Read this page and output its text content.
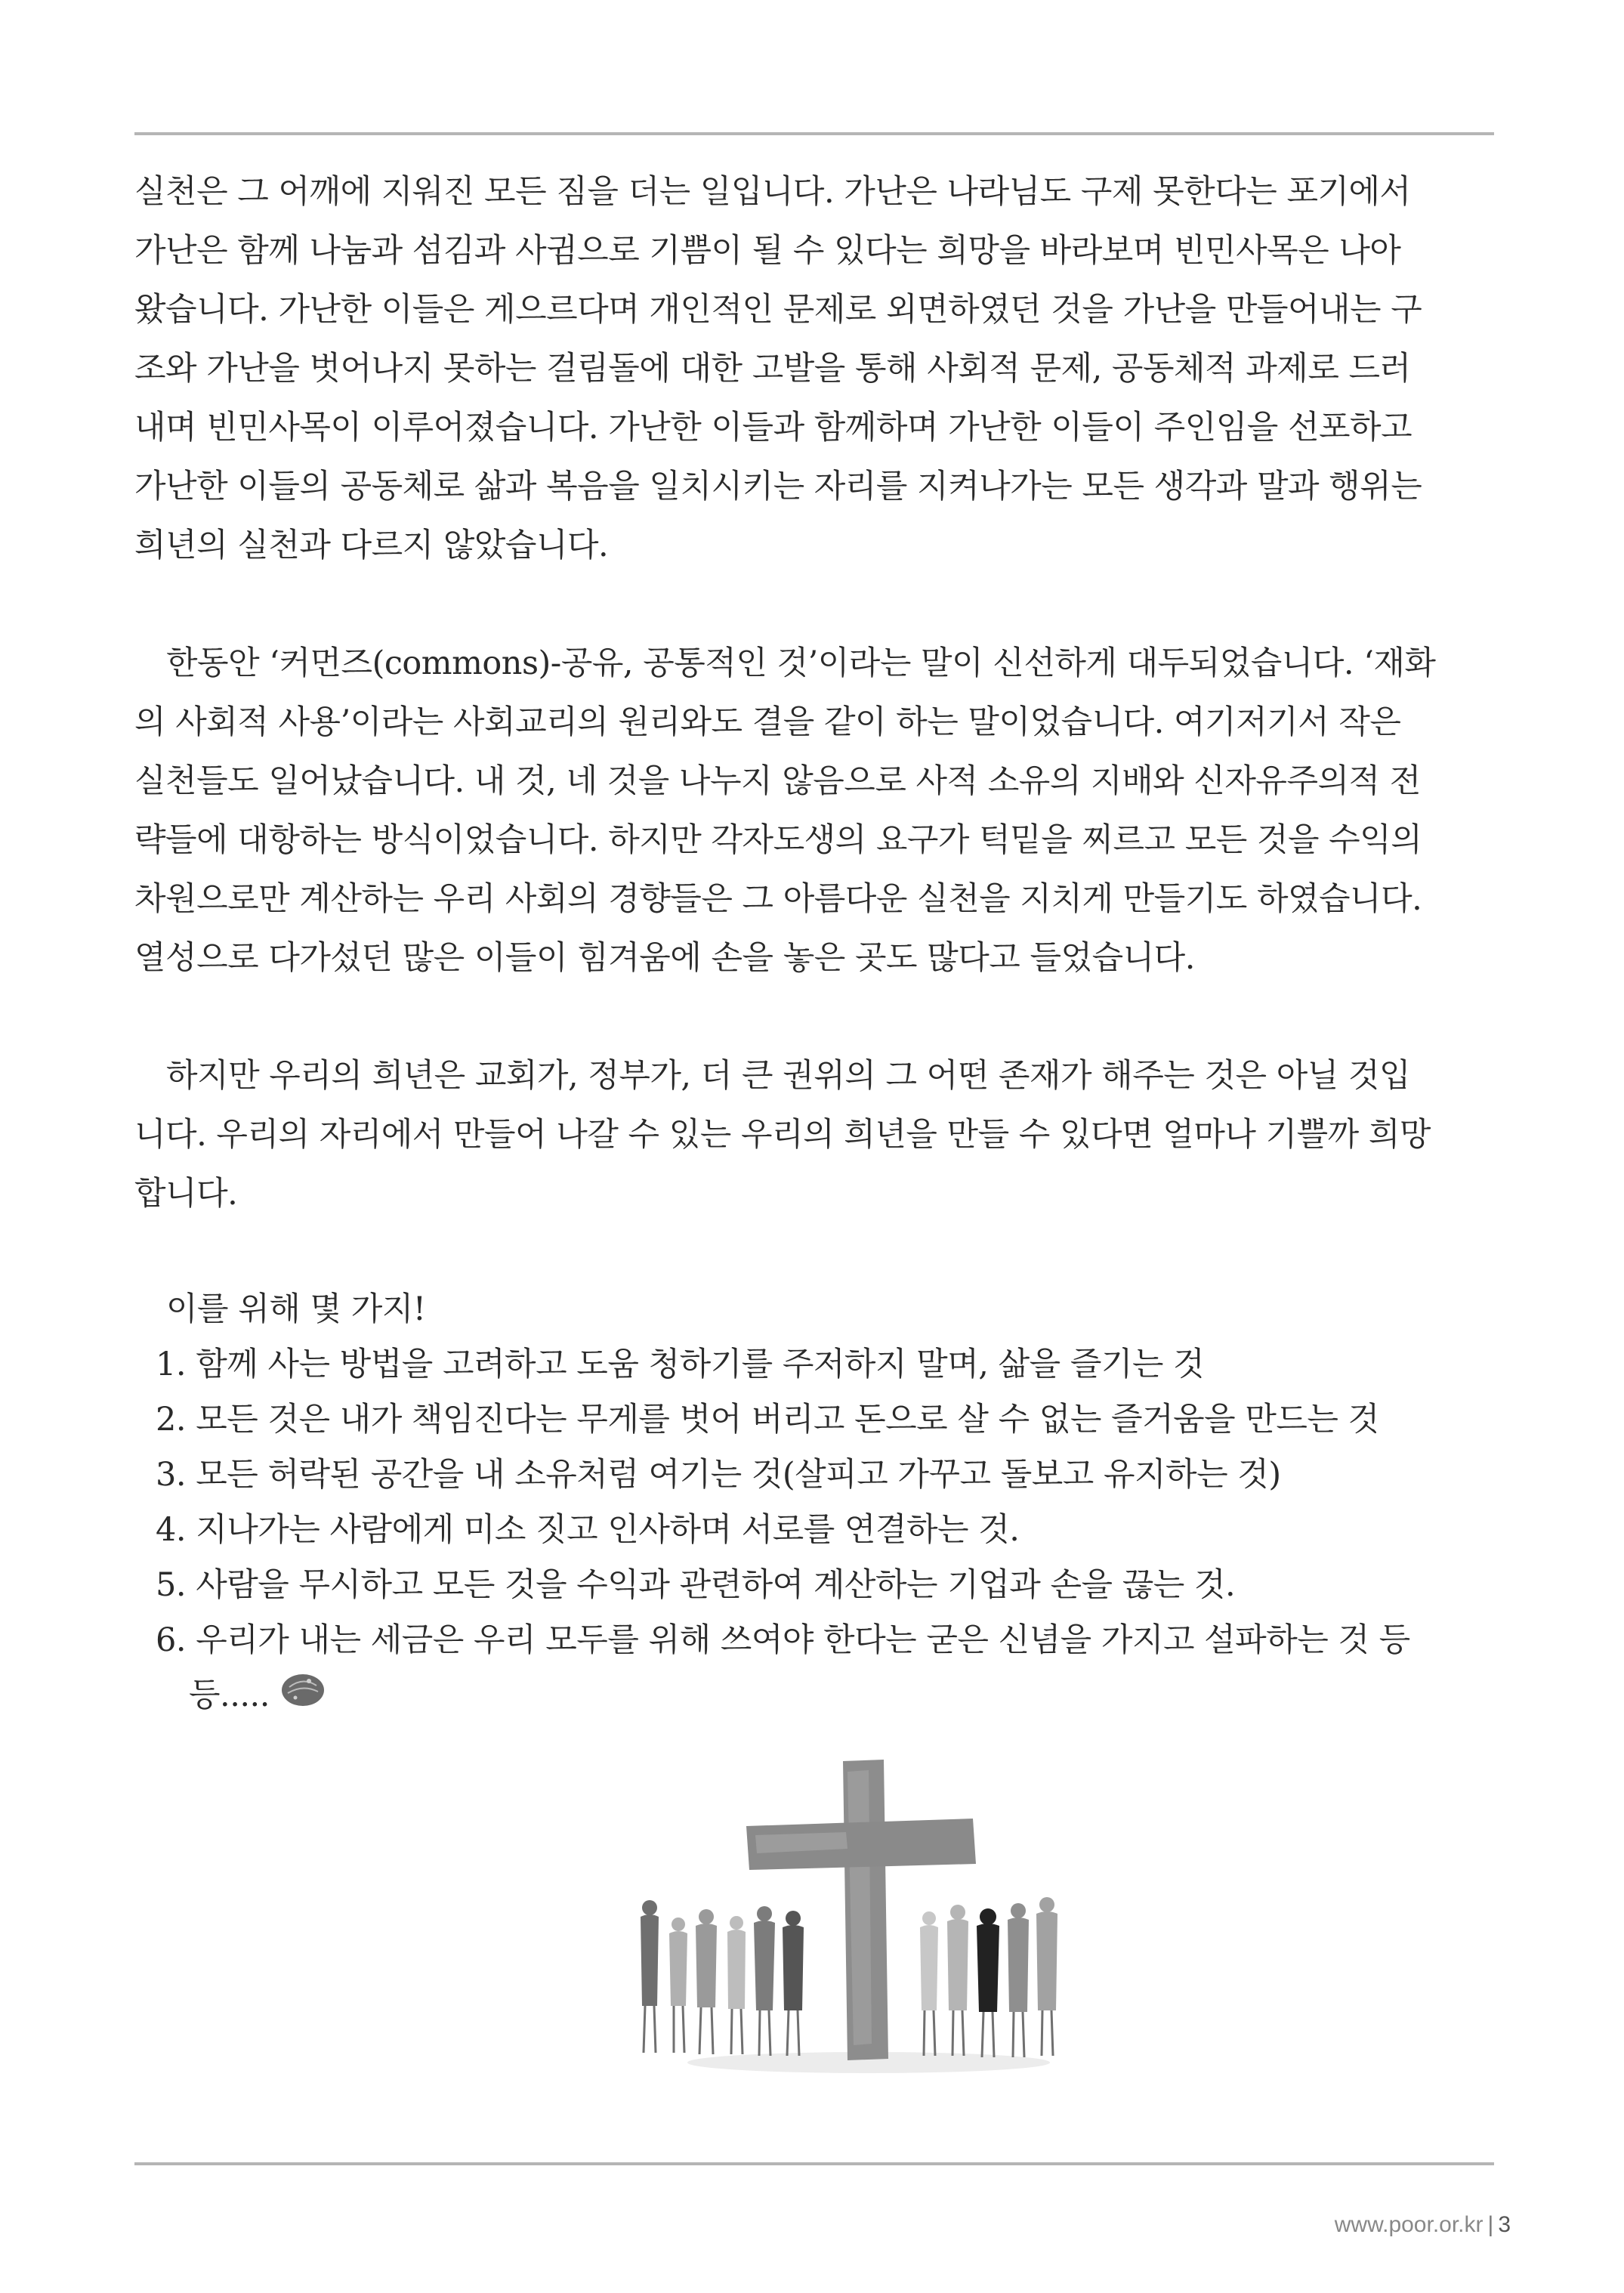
실천은 그 어깨에 지워진 모든 짐을 더는 일입니다. 가난은 나라님도 구제 못한다는 포기에서

가난은 함께 나눔과 섬김과 사귐으로 기쁨이 될 수 있다는 희망을 바라보며 빈민사목은 나아

왔습니다. 가난한 이들은 게으르다며 개인적인 문제로 외면하였던 것을 가난을 만들어내는 구

조와 가난을 벗어나지 못하는 걸림돌에 대한 고발을 통해 사회적 문제, 공동체적 과제로 드러

내며 빈민사목이 이루어졌습니다. 가난한 이들과 함께하며 가난한 이들이 주인임을 선포하고

가난한 이들의 공동체로 삶과 복음을 일치시키는 자리를 지켜나가는 모든 생각과 말과 행위는

희년의 실천과 다르지 않았습니다.

한동안 ‘커먼즈(commons)-공유, 공통적인 것’이라는 말이 신선하게 대두되었습니다. ‘재화

의 사회적 사용’이라는 사회교리의 원리와도 결을 같이 하는 말이었습니다. 여기저기서 작은

실천들도 일어났습니다. 내 것, 네 것을 나누지 않음으로 사적 소유의 지배와 신자유주의적 전

략들에 대항하는 방식이었습니다. 하지만 각자도생의 요구가 턱밑을 찌르고 모든 것을 수익의

차원으로만 계산하는 우리 사회의 경향들은 그 아름다운 실천을 지치게 만들기도 하였습니다.

열성으로 다가섰던 많은 이들이 힘겨움에 손을 놓은 곳도 많다고 들었습니다.

하지만 우리의 희년은 교회가, 정부가, 더 큰 권위의 그 어떤 존재가 해주는 것은 아닐 것입

니다. 우리의 자리에서 만들어 나갈 수 있는 우리의 희년을 만들 수 있다면 얼마나 기쁠까 희망

합니다.

이를 위해 몇 가지!

1. 함께 사는 방법을 고려하고 도움 청하기를 주저하지 말며, 삶을 즐기는 것

2. 모든 것은 내가 책임진다는 무게를 벗어 버리고 돈으로 살 수 없는 즐거움을 만드는 것

3. 모든 허락된 공간을 내 소유처럼 여기는 것(살피고 가꾸고 돌보고 유지하는 것)

4. 지나가는 사람에게 미소 짓고 인사하며 서로를 연결하는 것.

5. 사람을 무시하고 모든 것을 수익과 관련하여 계산하는 기업과 손을 끊는 것.

6. 우리가 내는 세금은 우리 모두를 위해 쓰여야 한다는 굳은 신념을 가지고 설파하는 것 등

등.....

www.poor.or.kr | 3
